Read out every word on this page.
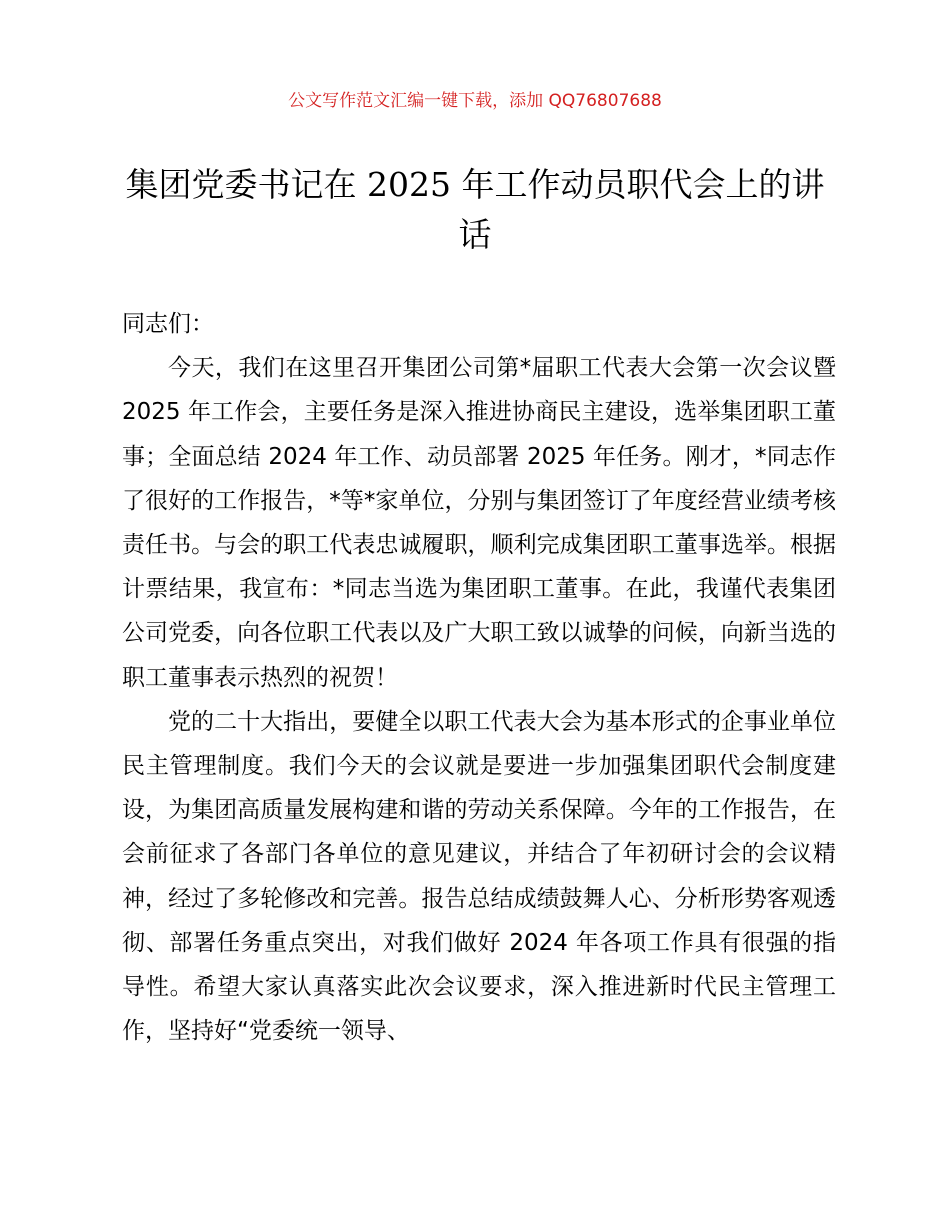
公文写作范文汇编一键下载，添加 QQ76807688
集团党委书记在 2025 年工作动员职代会上的讲话

同志们：

今天，我们在这里召开集团公司第*届职工代表大会第一次会议暨 2025 年工作会，主要任务是深入推进协商民主建设，选举集团职工董事；全面总结 2024 年工作、动员部署 2025 年任务。刚才，*同志作了很好的工作报告，*等*家单位，分别与集团签订了年度经营业绩考核责任书。与会的职工代表忠诚履职，顺利完成集团职工董事选举。根据计票结果，我宣布：*同志当选为集团职工董事。在此，我谨代表集团公司党委，向各位职工代表以及广大职工致以诚挚的问候，向新当选的职工董事表示热烈的祝贺！

党的二十大指出，要健全以职工代表大会为基本形式的企事业单位民主管理制度。我们今天的会议就是要进一步加强集团职代会制度建设，为集团高质量发展构建和谐的劳动关系保障。今年的工作报告，在会前征求了各部门各单位的意见建议，并结合了年初研讨会的会议精神，经过了多轮修改和完善。报告总结成绩鼓舞人心、分析形势客观透彻、部署任务重点突出，对我们做好 2024 年各项工作具有很强的指导性。希望大家认真落实此次会议要求，深入推进新时代民主管理工作，坚持好“党委统一领导、
